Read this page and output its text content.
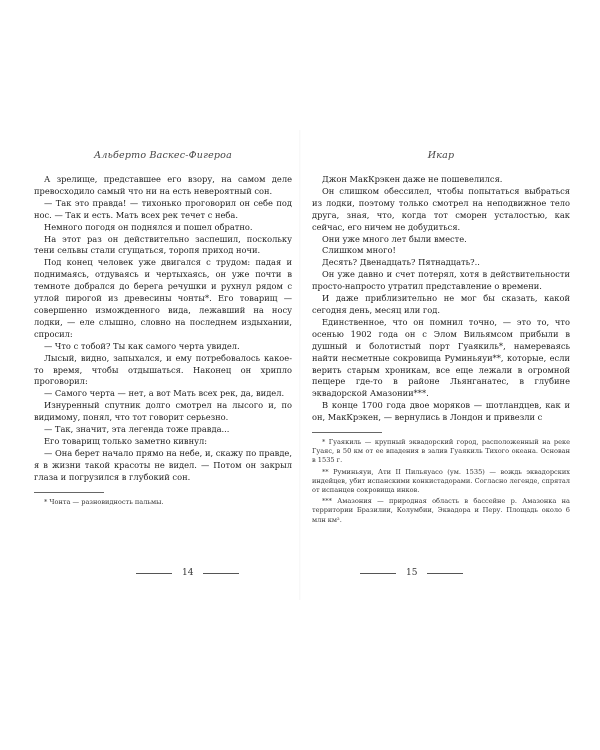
Альберто Васкес-Фигероа

А зрелище, представшее его взору, на самом деле превосходило самый что ни на есть невероятный сон.

— Так это правда! — тихонько проговорил он себе под нос. — Так и есть. Мать всех рек течет с неба.

Немного погодя он поднялся и пошел обратно.

На этот раз он действительно заспешил, поскольку тени сельвы стали сгущаться, торопя приход ночи.

Под конец человек уже двигался с трудом: падая и поднимаясь, отдуваясь и чертыхаясь, он уже почти в темноте добрался до берега речушки и рухнул рядом с утлой пирогой из древесины чонты*. Его товарищ — совершенно изможденного вида, лежавший на носу лодки, — еле слышно, словно на последнем издыхании, спросил:

— Что с тобой? Ты как самого черта увидел.

Лысый, видно, запыхался, и ему потребовалось какое-то время, чтобы отдышаться. Наконец он хрипло проговорил:

— Самого черта — нет, а вот Мать всех рек, да, видел.

Изнуренный спутник долго смотрел на лысого и, по видимому, понял, что тот говорит серьезно.

— Так, значит, эта легенда тоже правда...

Его товарищ только заметно кивнул:

— Она берет начало прямо на небе, и, скажу по правде, я в жизни такой красоты не видел. — Потом он закрыл глаза и погрузился в глубокий сон.

* Чонта — разновидность пальмы.

14
Икар

Джон МакКрэкен даже не пошевелился.

Он слишком обессилел, чтобы попытаться выбраться из лодки, поэтому только смотрел на неподвижное тело друга, зная, что, когда тот сморен усталостью, как сейчас, его ничем не добудиться.

Они уже много лет были вместе.

Слишком много!

Десять? Двенадцать? Пятнадцать?..

Он уже давно и счет потерял, хотя в действительности просто-напросто утратил представление о времени.

И даже приблизительно не мог бы сказать, какой сегодня день, месяц или год.

Единственное, что он помнил точно, — это то, что осенью 1902 года он с Элом Вильямсом прибыли в душный и болотистый порт Гуаякиль*, намереваясь найти несметные сокровища Руминьяуи**, которые, если верить старым хроникам, все еще лежали в огромной пещере где-то в районе Льянганатес, в глубине эквадорской Амазонии***.

В конце 1700 года двое моряков — шотландцев, как и он, МакКрэкен, — вернулись в Лондон и привезли с

* Гуаякиль — крупный эквадорский город, расположенный на реке Гуаяс, в 50 км от ее впадения в залив Гуаякиль Тихого океана. Основан в 1535 г.

** Руминьяуи, Ати II Пильяуасо (ум. 1535) — вождь эквадорских индейцев, убит испанскими конкистадорами. Согласно легенде, спрятал от испанцев сокровища инков.

*** Амазония — природная область в бассейне р. Амазонка на территории Бразилии, Колумбии, Эквадора и Перу. Площадь около 6 млн км².

15
